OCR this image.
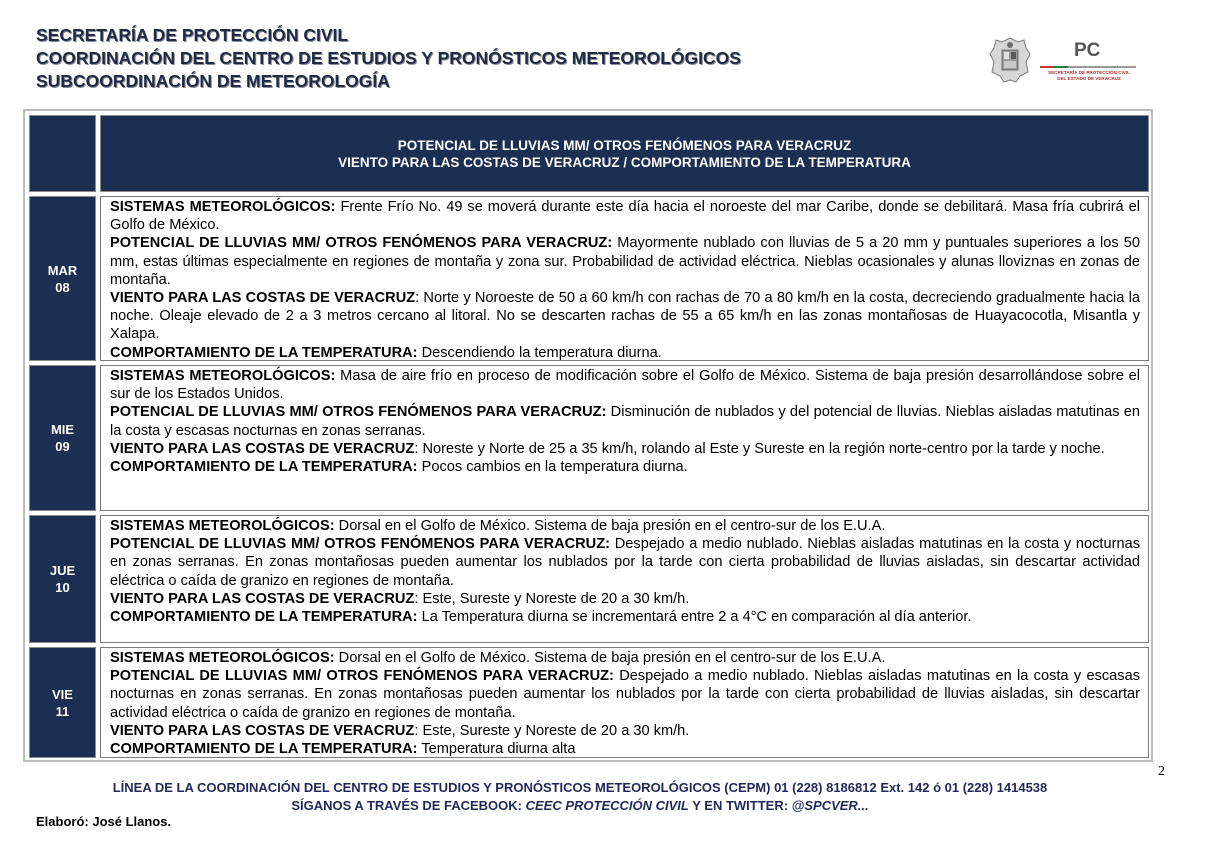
SECRETARÍA DE PROTECCIÓN CIVIL
COORDINACIÓN DEL CENTRO DE ESTUDIOS Y PRONÓSTICOS METEOROLÓGICOS
SUBCOORDINACIÓN DE METEOROLOGÍA
PC
SECRETARÍA DE PROTECCIÓN CIVIL
DEL ESTADO DE VERACRUZ
POTENCIAL DE LLUVIAS MM/ OTROS FENÓMENOS PARA VERACRUZ
VIENTO PARA LAS COSTAS DE VERACRUZ / COMPORTAMIENTO DE LA TEMPERATURA
MAR
08

SISTEMAS METEOROLÓGICOS: Frente Frío No. 49 se moverá durante este día hacia el noroeste del mar Caribe, donde se debilitará. Masa fría cubrirá el Golfo de México.

POTENCIAL DE LLUVIAS MM/ OTROS FENÓMENOS PARA VERACRUZ: Mayormente nublado con lluvias de 5 a 20 mm y puntuales superiores a los 50 mm, estas últimas especialmente en regiones de montaña y zona sur. Probabilidad de actividad eléctrica. Nieblas ocasionales y alunas lloviznas en zonas de montaña.

VIENTO PARA LAS COSTAS DE VERACRUZ: Norte y Noroeste de 50 a 60 km/h con rachas de 70 a 80 km/h en la costa, decreciendo gradualmente hacia la noche. Oleaje elevado de 2 a 3 metros cercano al litoral. No se descarten rachas de 55 a 65 km/h en las zonas montañosas de Huayacocotla, Misantla y Xalapa.

COMPORTAMIENTO DE LA TEMPERATURA: Descendiendo la temperatura diurna.

MIE
09

SISTEMAS METEOROLÓGICOS: Masa de aire frío en proceso de modificación sobre el Golfo de México. Sistema de baja presión desarrollándose sobre el sur de los Estados Unidos.

POTENCIAL DE LLUVIAS MM/ OTROS FENÓMENOS PARA VERACRUZ: Disminución de nublados y del potencial de lluvias. Nieblas aisladas matutinas en la costa y escasas nocturnas en zonas serranas.

VIENTO PARA LAS COSTAS DE VERACRUZ: Noreste y Norte de 25 a 35 km/h, rolando al Este y Sureste en la región norte-centro por la tarde y noche.

COMPORTAMIENTO DE LA TEMPERATURA: Pocos cambios en la temperatura diurna.

JUE
10

SISTEMAS METEOROLÓGICOS: Dorsal en el Golfo de México. Sistema de baja presión en el centro-sur de los E.U.A.

POTENCIAL DE LLUVIAS MM/ OTROS FENÓMENOS PARA VERACRUZ: Despejado a medio nublado. Nieblas aisladas matutinas en la costa y nocturnas en zonas serranas. En zonas montañosas pueden aumentar los nublados por la tarde con cierta probabilidad de lluvias aisladas, sin descartar actividad eléctrica o caída de granizo en regiones de montaña.

VIENTO PARA LAS COSTAS DE VERACRUZ: Este, Sureste y Noreste de 20 a 30 km/h.

COMPORTAMIENTO DE LA TEMPERATURA: La Temperatura diurna se incrementará entre 2 a 4°C en comparación al día anterior.

VIE
11

SISTEMAS METEOROLÓGICOS: Dorsal en el Golfo de México. Sistema de baja presión en el centro-sur de los E.U.A.

POTENCIAL DE LLUVIAS MM/ OTROS FENÓMENOS PARA VERACRUZ: Despejado a medio nublado. Nieblas aisladas matutinas en la costa y escasas nocturnas en zonas serranas. En zonas montañosas pueden aumentar los nublados por la tarde con cierta probabilidad de lluvias aisladas, sin descartar actividad eléctrica o caída de granizo en regiones de montaña.

VIENTO PARA LAS COSTAS DE VERACRUZ: Este, Sureste y Noreste de 20 a 30 km/h.

COMPORTAMIENTO DE LA TEMPERATURA: Temperatura diurna alta

2
LÍNEA DE LA COORDINACIÓN DEL CENTRO DE ESTUDIOS Y PRONÓSTICOS METEOROLÓGICOS (CEPM) 01 (228) 8186812 Ext. 142 ó 01 (228) 1414538
SÍGANOS A TRAVÉS DE FACEBOOK: CEEC PROTECCIÓN CIVIL Y EN TWITTER: @SPCVER...
Elaboró: José Llanos.
